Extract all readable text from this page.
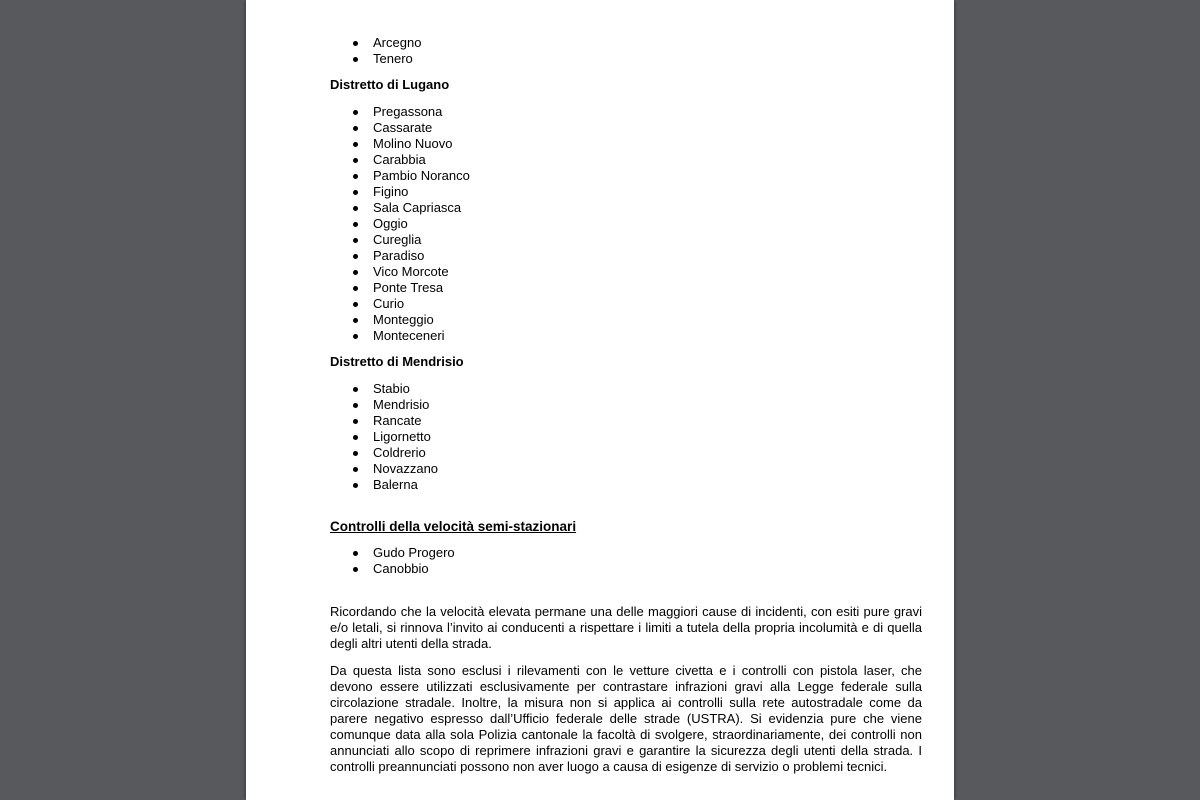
Arcegno
Tenero
Distretto di Lugano
Pregassona
Cassarate
Molino Nuovo
Carabbia
Pambio Noranco
Figino
Sala Capriasca
Oggio
Cureglia
Paradiso
Vico Morcote
Ponte Tresa
Curio
Monteggio
Monteceneri
Distretto di Mendrisio
Stabio
Mendrisio
Rancate
Ligornetto
Coldrerio
Novazzano
Balerna
Controlli della velocità semi-stazionari
Gudo Progero
Canobbio

Ricordando che la velocità elevata permane una delle maggiori cause di incidenti, con esiti pure gravi e/o letali, si rinnova l’invito ai conducenti a rispettare i limiti a tutela della propria incolumità e di quella degli altri utenti della strada.

Da questa lista sono esclusi i rilevamenti con le vetture civetta e i controlli con pistola laser, che devono essere utilizzati esclusivamente per contrastare infrazioni gravi alla Legge federale sulla circolazione stradale. Inoltre, la misura non si applica ai controlli sulla rete autostradale come da parere negativo espresso dall’Ufficio federale delle strade (USTRA). Si evidenzia pure che viene comunque data alla sola Polizia cantonale la facoltà di svolgere, straordinariamente, dei controlli non annunciati allo scopo di reprimere infrazioni gravi e garantire la sicurezza degli utenti della strada. I controlli preannunciati possono non aver luogo a causa di esigenze di servizio o problemi tecnici.
